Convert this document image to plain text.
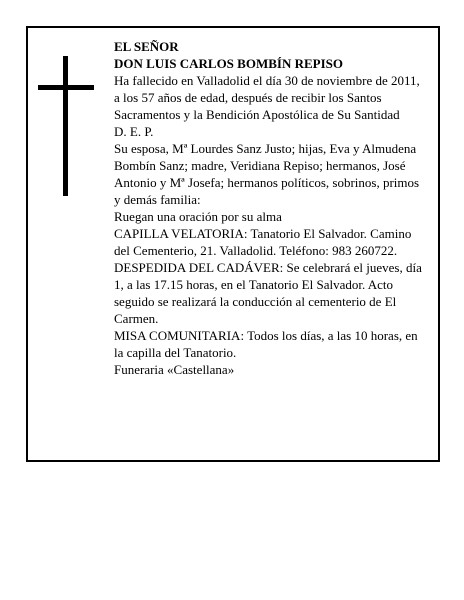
EL SEÑOR

DON LUIS CARLOS BOMBÍN REPISO

Ha fallecido en Valladolid el día 30 de noviembre de 2011, a los 57 años de edad, después de recibir los Santos Sacramentos y la Bendición Apostólica de Su Santidad

D. E. P.

Su esposa, Mª Lourdes Sanz Justo; hijas, Eva y Almudena Bombín Sanz; madre, Veridiana Repiso; hermanos, José Antonio y Mª Josefa; hermanos políticos, sobrinos, primos y demás familia:

Ruegan una oración por su alma

CAPILLA VELATORIA: Tanatorio El Salvador. Camino del Cementerio, 21. Valladolid. Teléfono: 983 260722.

DESPEDIDA DEL CADÁVER: Se celebrará el jueves, día 1, a las 17.15 horas, en el Tanatorio El Salvador. Acto seguido se realizará la conducción al cementerio de El Carmen.

MISA COMUNITARIA: Todos los días, a las 10 horas, en la capilla del Tanatorio.

Funeraria «Castellana»
